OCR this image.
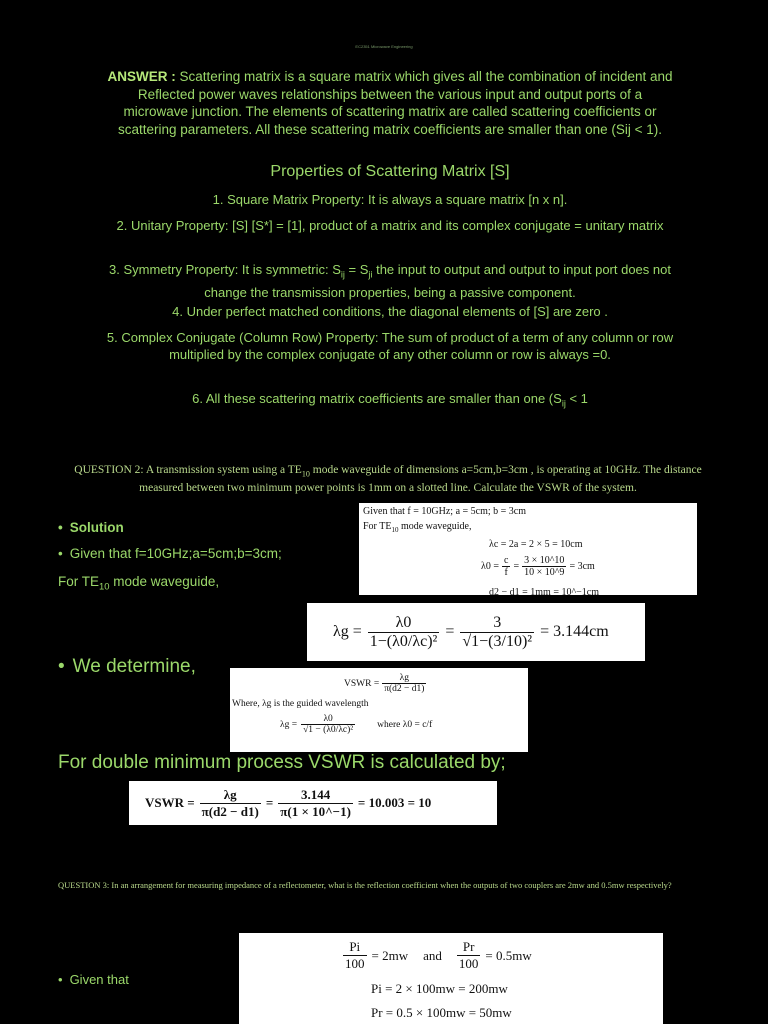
EC2351 Microwave Engineering
ANSWER : Scattering matrix is a square matrix which gives all the combination of incident and Reflected power waves relationships between the various input and output ports of a microwave junction. The elements of scattering matrix are called scattering coefficients or scattering parameters. All these scattering matrix coefficients are smaller than one (Sij < 1).
Properties of Scattering Matrix [S]
1. Square Matrix Property: It is always a square matrix [n x n].
2. Unitary Property: [S] [S*] = [1], product of a matrix and its complex conjugate = unitary matrix
3. Symmetry Property: It is symmetric: $S_{ij} = S_{ji}$ the input to output and output to input port does not change the transmission properties, being a passive component.
4. Under perfect matched conditions, the diagonal elements of [S] are zero .
5. Complex Conjugate (Column Row) Property: The sum of product of a term of any column or row multiplied by the complex conjugate of any other column or row is always =0.
6. All these scattering matrix coefficients are smaller than one ($S_{ij} < 1$
QUESTION 2: A transmission system using a $TE_{10}$ mode waveguide of dimensions a=5cm,b=3cm , is operating at 10GHz. The distance measured between two minimum power points is 1mm on a slotted line. Calculate the VSWR of the system.
• Solution
• Given that f=10GHz;a=5cm;b=3cm;
For $TE_{10}$ mode waveguide,
Given that f = 10GHz; a = 5cm; b = 3cm
For $TE_{10}$ mode waveguide,
λc = 2a = 2 × 5 = 10cm
$\lambda 0 = \frac{c}{f} = \frac{3 \times 10\^{}10}{10 \times 10\^{}9} = 3cm$
d2 − d1 = 1mm = 10^−1cm
$\lambda g = \frac{\lambda 0}{\text{1−(λ0/λc)²}} = \frac{3}{\text{√1−(3/10)²}} = 3.144cm$
• We determine,
VSWR = $\frac{\lambda g}{\pi(d2 - d1)}$
Where, λg is the guided wavelength
$\lambda g = \frac{\lambda 0}{\text{√1 − (λ0/λc)²}}$ where λ0 = c/f
For double minimum process VSWR is calculated by;
VSWR = $\frac{\lambda g}{\pi(d2 - d1)} = \frac{3.144}{\pi(1 \times 10\^{}-1)} = 10.003 = 10$
QUESTION 3: In an arrangement for measuring impedance of a reflectometer, what is the reflection coefficient when the outputs of two couplers are 2mw and 0.5mw respectively?
• Given that
$\frac{Pi}{100} = 2mw$ and $\frac{Pr}{100} = 0.5mw$
Pi = 2 × 100mw = 200mw
Pr = 0.5 × 100mw = 50mw
